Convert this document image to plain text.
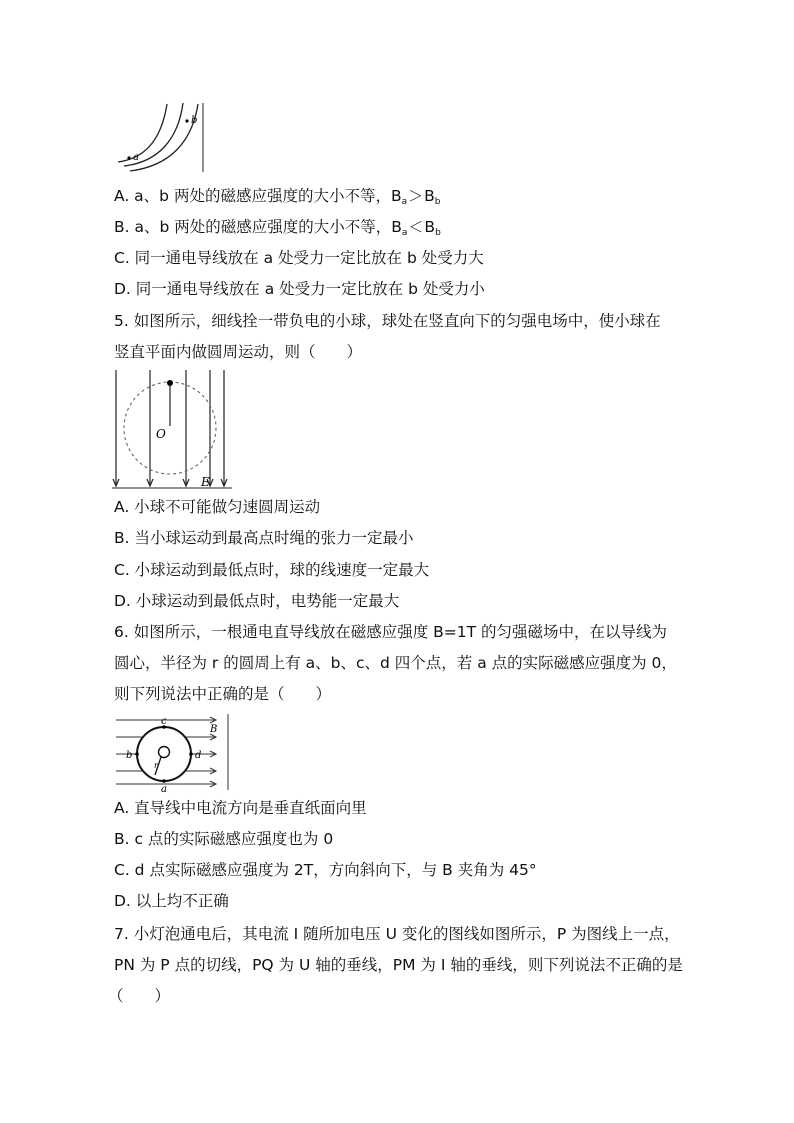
a
b
A. a、b 两处的磁感应强度的大小不等，$B_a>B_b$
B. a、b 两处的磁感应强度的大小不等，$B_a<B_b$
C. 同一通电导线放在 a 处受力一定比放在 b 处受力大
D. 同一通电导线放在 a 处受力一定比放在 b 处受力小
5. 如图所示，细线拴一带负电的小球，球处在竖直向下的匀强电场中，使小球在
竖直平面内做圆周运动，则（　　）
O
E
A. 小球不可能做匀速圆周运动
B. 当小球运动到最高点时绳的张力一定最小
C. 小球运动到最低点时，球的线速度一定最大
D. 小球运动到最低点时，电势能一定最大
6. 如图所示，一根通电直导线放在磁感应强度 B=1T 的匀强磁场中，在以导线为
圆心，半径为 r 的圆周上有 a、b、c、d 四个点，若 a 点的实际磁感应强度为 0，
则下列说法中正确的是（　　）
a
b
c
d
B
r
A. 直导线中电流方向是垂直纸面向里
B. c 点的实际磁感应强度也为 0
C. d 点实际磁感应强度为 2T，方向斜向下，与 B 夹角为 45°
D. 以上均不正确
7. 小灯泡通电后，其电流 I 随所加电压 U 变化的图线如图所示，P 为图线上一点，
PN 为 P 点的切线，PQ 为 U 轴的垂线，PM 为 I 轴的垂线，则下列说法不正确的是
（　　）
